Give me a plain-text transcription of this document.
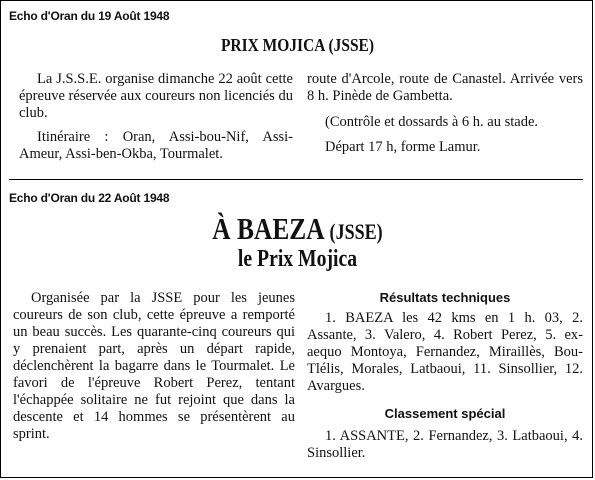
Echo d'Oran du 19 Août 1948
PRIX MOJICA (JSSE)

La J.S.S.E. organise dimanche 22 août cette épreuve réservée aux coureurs non licenciés du club.

Itinéraire : Oran, Assi-bou-Nif, Assi-Ameur, Assi-ben-Okba, Tourmalet.

route d'Arcole, route de Canastel. Arrivée vers 8 h. Pinède de Gambetta.

(Contrôle et dossards à 6 h. au stade.

Départ 17 h, forme Lamur.

Echo d'Oran du 22 Août 1948
À BAEZA (JSSE)
le Prix Mojica

Organisée par la JSSE pour les jeunes coureurs de son club, cette épreuve a remporté un beau succès. Les quarante-cinq coureurs qui y prenaient part, après un départ rapide, déclenchèrent la bagarre dans le Tourmalet. Le favori de l'épreuve Robert Perez, tentant l'échappée solitaire ne fut rejoint que dans la descente et 14 hommes se présentèrent au sprint.

Résultats techniques

1. BAEZA les 42 kms en 1 h. 03, 2. Assante, 3. Valero, 4. Robert Perez, 5. ex-aequo Montoya, Fernandez, Miraillès, Bou-Tlélis, Morales, Latbaoui, 11. Sinsollier, 12. Avargues.

Classement spécial

1. ASSANTE, 2. Fernandez, 3. Latbaoui, 4. Sinsollier.
